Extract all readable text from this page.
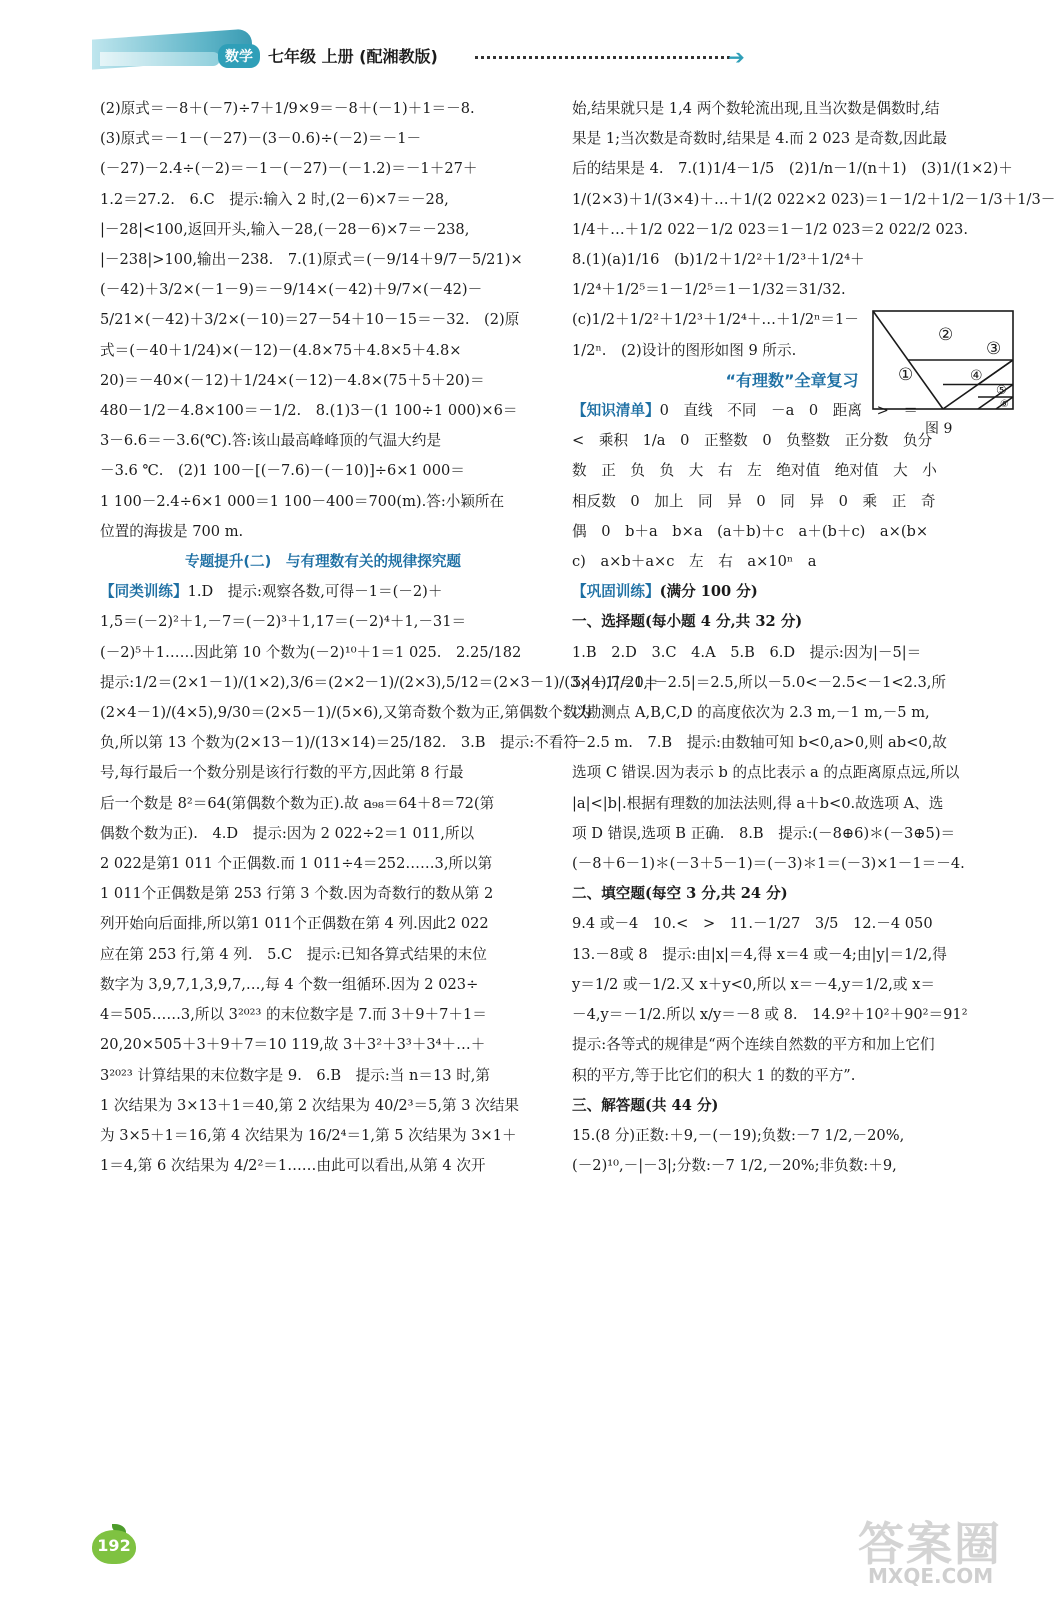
数学 七年级 上册 (配湘教版)	➔

(2)原式＝－8＋(－7)÷7＋1/9×9＝－8＋(－1)＋1＝－8.

(3)原式＝－1－(－27)－(3－0.6)÷(－2)＝－1－

(－27)－2.4÷(－2)＝－1－(－27)－(－1.2)＝－1＋27＋

1.2＝27.2.　6.C　提示:输入 2 时,(2－6)×7＝－28,

|－28|<100,返回开头,输入－28,(－28－6)×7＝－238,

|－238|>100,输出－238.　7.(1)原式＝(－9/14＋9/7－5/21)×

(－42)＋3/2×(－1－9)＝－9/14×(－42)＋9/7×(－42)－

5/21×(－42)＋3/2×(－10)＝27－54＋10－15＝－32.　(2)原

式＝(－40＋1/24)×(－12)－(4.8×75＋4.8×5＋4.8×

20)＝－40×(－12)＋1/24×(－12)－4.8×(75＋5＋20)＝

480－1/2－4.8×100＝－1/2.　8.(1)3－(1 100÷1 000)×6＝

3－6.6＝－3.6(℃).答:该山最高峰峰顶的气温大约是

－3.6 ℃.　(2)1 100－[(－7.6)－(－10)]÷6×1 000＝

1 100－2.4÷6×1 000＝1 100－400＝700(m).答:小颖所在

位置的海拔是 700 m.

专题提升(二)　与有理数有关的规律探究题

【同类训练】1.D　提示:观察各数,可得－1＝(－2)＋

1,5＝(－2)²＋1,－7＝(－2)³＋1,17＝(－2)⁴＋1,－31＝

(－2)⁵＋1……因此第 10 个数为(－2)¹⁰＋1＝1 025.　2.25/182

提示:1/2＝(2×1－1)/(1×2),3/6＝(2×2－1)/(2×3),5/12＝(2×3－1)/(3×4),7/20＝

(2×4－1)/(4×5),9/30＝(2×5－1)/(5×6),又第奇数个数为正,第偶数个数为

负,所以第 13 个数为(2×13－1)/(13×14)＝25/182.　3.B　提示:不看符

号,每行最后一个数分别是该行行数的平方,因此第 8 行最

后一个数是 8²＝64(第偶数个数为正).故 a₉₈＝64＋8＝72(第

偶数个数为正).　4.D　提示:因为 2 022÷2＝1 011,所以

2 022是第1 011 个正偶数.而 1 011÷4＝252……3,所以第

1 011个正偶数是第 253 行第 3 个数.因为奇数行的数从第 2

列开始向后面排,所以第1 011个正偶数在第 4 列.因此2 022

应在第 253 行,第 4 列.　5.C　提示:已知各算式结果的末位

数字为 3,9,7,1,3,9,7,…,每 4 个数一组循环.因为 2 023÷

4＝505……3,所以 3²⁰²³ 的末位数字是 7.而 3＋9＋7＋1＝

20,20×505＋3＋9＋7＝10 119,故 3＋3²＋3³＋3⁴＋…＋

3²⁰²³ 计算结果的末位数字是 9.　6.B　提示:当 n＝13 时,第

1 次结果为 3×13＋1＝40,第 2 次结果为 40/2³＝5,第 3 次结果

为 3×5＋1＝16,第 4 次结果为 16/2⁴＝1,第 5 次结果为 3×1＋

1＝4,第 6 次结果为 4/2²＝1……由此可以看出,从第 4 次开

始,结果就只是 1,4 两个数轮流出现,且当次数是偶数时,结

果是 1;当次数是奇数时,结果是 4.而 2 023 是奇数,因此最

后的结果是 4.　7.(1)1/4－1/5　(2)1/n－1/(n＋1)　(3)1/(1×2)＋

1/(2×3)＋1/(3×4)＋…＋1/(2 022×2 023)＝1－1/2＋1/2－1/3＋1/3－

1/4＋…＋1/2 022－1/2 023＝1－1/2 023＝2 022/2 023.

8.(1)(a)1/16　(b)1/2＋1/2²＋1/2³＋1/2⁴＋

1/2⁴＋1/2⁵＝1－1/2⁵＝1－1/32＝31/32.

(c)1/2＋1/2²＋1/2³＋1/2⁴＋…＋1/2ⁿ＝1－

1/2ⁿ.　(2)设计的图形如图 9 所示.

“有理数”全章复习

【知识清单】0　直线　不同　－a　0　距离　>　＝

<　乘积　1/a　0　正整数　0　负整数　正分数　负分

数　正　负　负　大　右　左　绝对值　绝对值　大　小

相反数　0　加上　同　异　0　同　异　0　乘　正　奇

偶　0　b＋a　b×a　(a＋b)＋c　a＋(b＋c)　a×(b×

c)　a×b＋a×c　左　右　a×10ⁿ　a

【巩固训练】(满分 100 分)

一、选择题(每小题 4 分,共 32 分)

1.B　2.D　3.C　4.A　5.B　6.D　提示:因为|－5|＝

5,|－1|＝1,|－2.5|＝2.5,所以－5.0<－2.5<－1<2.3,所

以勘测点 A,B,C,D 的高度依次为 2.3 m,－1 m,－5 m,

－2.5 m.　7.B　提示:由数轴可知 b<0,a>0,则 ab<0,故

选项 C 错误.因为表示 b 的点比表示 a 的点距离原点远,所以

|a|<|b|.根据有理数的加法法则,得 a＋b<0.故选项 A、选

项 D 错误,选项 B 正确.　8.B　提示:(－8⊕6)＊(－3⊕5)＝

(－8＋6－1)＊(－3＋5－1)＝(－3)＊1＝(－3)×1－1＝－4.

二、填空题(每空 3 分,共 24 分)

9.4 或－4　10.<　>　11.－1/27　3/5　12.－4 050

13.－8或 8　提示:由|x|＝4,得 x＝4 或－4;由|y|＝1/2,得

y＝1/2 或－1/2.又 x＋y<0,所以 x＝－4,y＝1/2,或 x＝

－4,y＝－1/2.所以 x/y＝－8 或 8.　14.9²＋10²＋90²＝91²

提示:各等式的规律是“两个连续自然数的平方和加上它们

积的平方,等于比它们的积大 1 的数的平方”.

三、解答题(共 44 分)

15.(8 分)正数:＋9,－(－19);负数:－7 1/2,－20%,

(－2)¹⁰,－|－3|;分数:－7 1/2,－20%;非负数:＋9,

①
②
③
④
⑤
⑥
图 9
192	答案圈
MXQE.COM
